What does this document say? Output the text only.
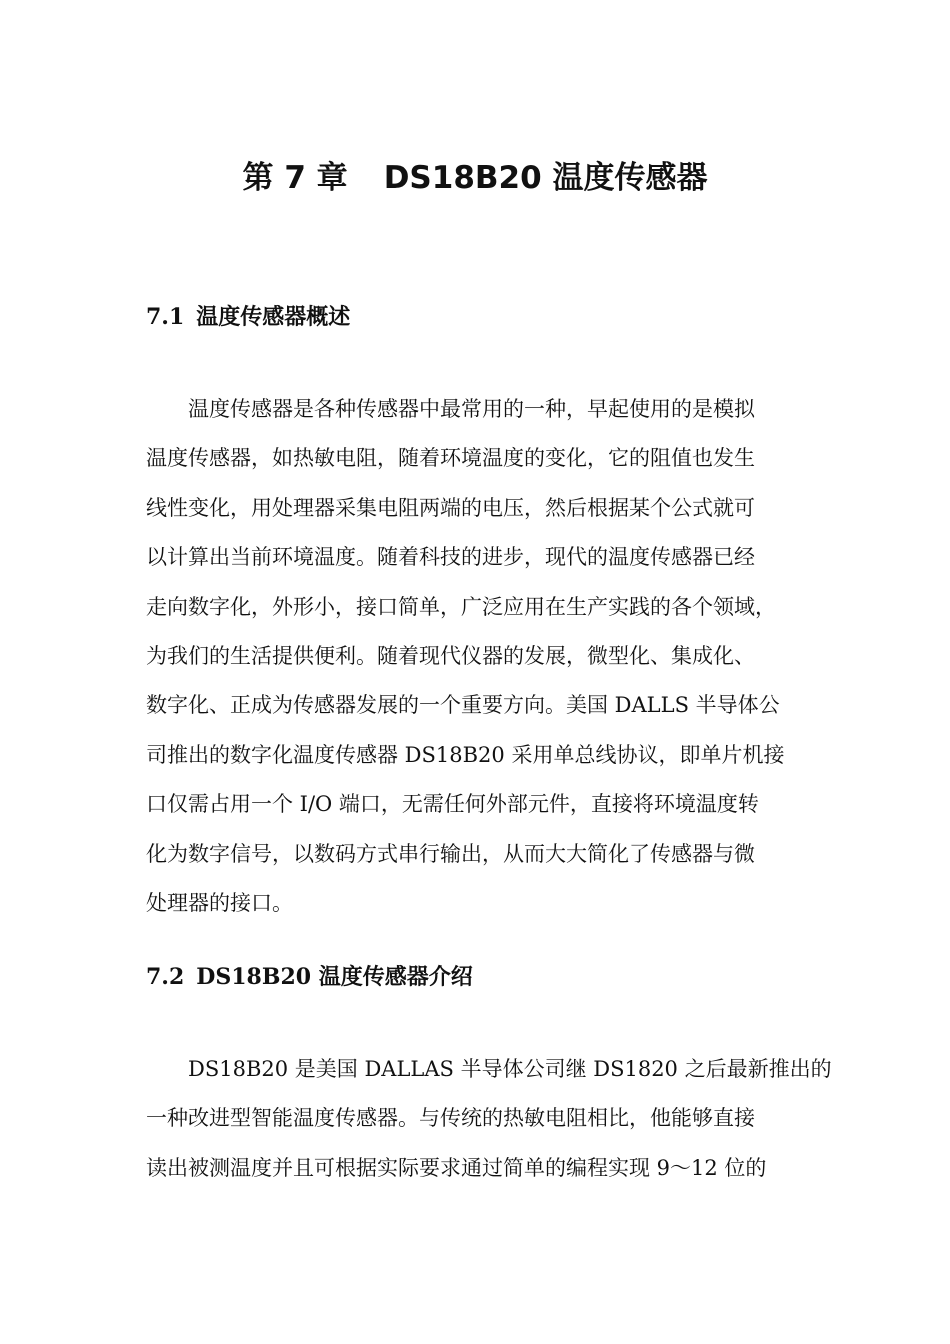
第 7 章 DS18B20 温度传感器
7.1 温度传感器概述
温度传感器是各种传感器中最常用的一种，早起使用的是模拟
温度传感器，如热敏电阻，随着环境温度的变化，它的阻值也发生
线性变化，用处理器采集电阻两端的电压，然后根据某个公式就可
以计算出当前环境温度。随着科技的进步，现代的温度传感器已经
走向数字化，外形小，接口简单，广泛应用在生产实践的各个领域，
为我们的生活提供便利。随着现代仪器的发展，微型化、集成化、
数字化、正成为传感器发展的一个重要方向。美国 DALLS 半导体公
司推出的数字化温度传感器 DS18B20 采用单总线协议，即单片机接
口仅需占用一个 I/O 端口，无需任何外部元件，直接将环境温度转
化为数字信号，以数码方式串行输出，从而大大简化了传感器与微
处理器的接口。
7.2 DS18B20 温度传感器介绍
DS18B20 是美国 DALLAS 半导体公司继 DS1820 之后最新推出的
一种改进型智能温度传感器。与传统的热敏电阻相比，他能够直接
读出被测温度并且可根据实际要求通过简单的编程实现 9～12 位的
